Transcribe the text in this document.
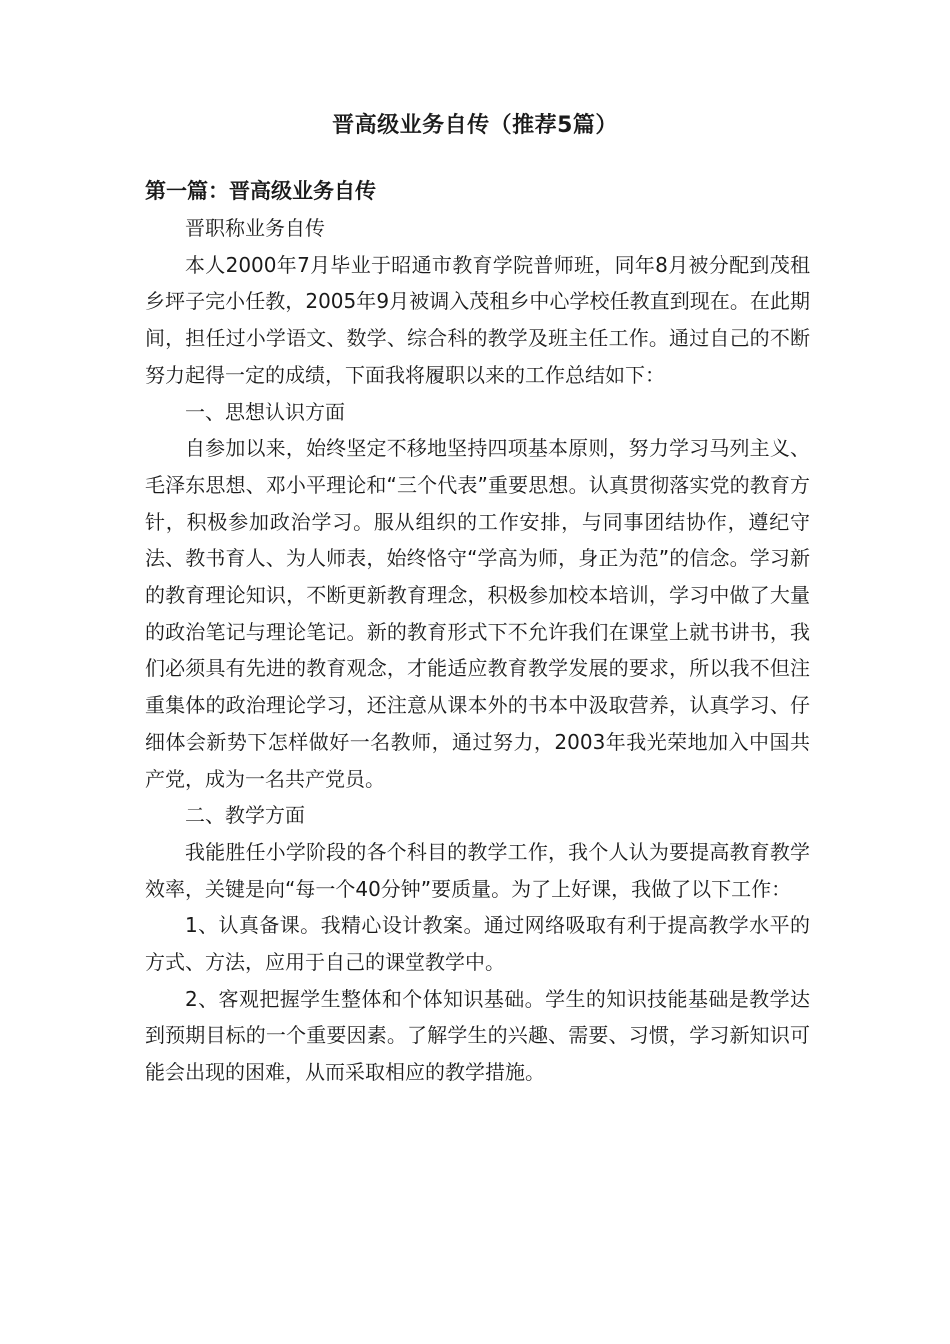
晋高级业务自传（推荐5篇）
第一篇：晋高级业务自传

晋职称业务自传

本人2000年7月毕业于昭通市教育学院普师班，同年8月被分配到茂租乡坪子完小任教，2005年9月被调入茂租乡中心学校任教直到现在。在此期间，担任过小学语文、数学、综合科的教学及班主任工作。通过自己的不断努力起得一定的成绩，下面我将履职以来的工作总结如下：

一、思想认识方面

自参加以来，始终坚定不移地坚持四项基本原则，努力学习马列主义、毛泽东思想、邓小平理论和“三个代表”重要思想。认真贯彻落实党的教育方针，积极参加政治学习。服从组织的工作安排，与同事团结协作，遵纪守法、教书育人、为人师表，始终恪守“学高为师，身正为范”的信念。学习新的教育理论知识，不断更新教育理念，积极参加校本培训，学习中做了大量的政治笔记与理论笔记。新的教育形式下不允许我们在课堂上就书讲书，我们必须具有先进的教育观念，才能适应教育教学发展的要求，所以我不但注重集体的政治理论学习，还注意从课本外的书本中汲取营养，认真学习、仔细体会新势下怎样做好一名教师，通过努力，2003年我光荣地加入中国共产党，成为一名共产党员。

二、教学方面

我能胜任小学阶段的各个科目的教学工作，我个人认为要提高教育教学效率，关键是向“每一个40分钟”要质量。为了上好课，我做了以下工作：

1、认真备课。我精心设计教案。通过网络吸取有利于提高教学水平的方式、方法，应用于自己的课堂教学中。

2、客观把握学生整体和个体知识基础。学生的知识技能基础是教学达到预期目标的一个重要因素。了解学生的兴趣、需要、习惯，学习新知识可能会出现的困难，从而采取相应的教学措施。
